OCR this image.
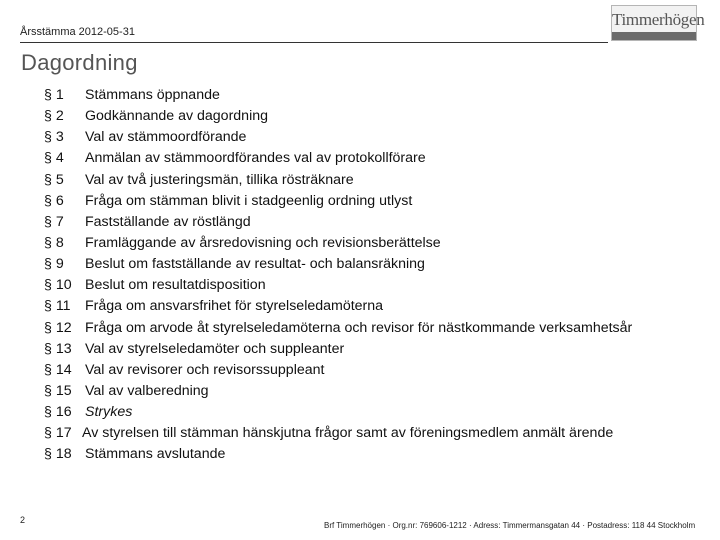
Årsstämma 2012-05-31
Timmerhögen
Dagordning
§ 1	Stämmans öppnande
§ 2	Godkännande av dagordning
§ 3	Val av stämmoordförande
§ 4	Anmälan av stämmoordförandes val av protokollförare
§ 5	Val av två justeringsmän, tillika rösträknare
§ 6	Fråga om stämman blivit i stadgeenlig ordning utlyst
§ 7	Fastställande av röstlängd
§ 8	Framläggande av årsredovisning och revisionsberättelse
§ 9	Beslut om fastställande av resultat- och balansräkning
§ 10 Beslut om resultatdisposition
§ 11	Fråga om ansvarsfrihet för styrelseledamöterna
§ 12 Fråga om arvode åt styrelseledamöterna och revisor för nästkommande verksamhetsår
§ 13 Val av styrelseledamöter och suppleanter
§ 14 Val av revisorer och revisorssuppleant
§ 15 Val av valberedning
§ 16 Strykes
§ 17 Av styrelsen till stämman hänskjutna frågor samt av föreningsmedlem anmält ärende
§ 18 Stämmans avslutande
2
Brf Timmerhögen · Org.nr: 769606-1212 · Adress: Timmermansgatan 44 · Postadress: 118 44 Stockholm
